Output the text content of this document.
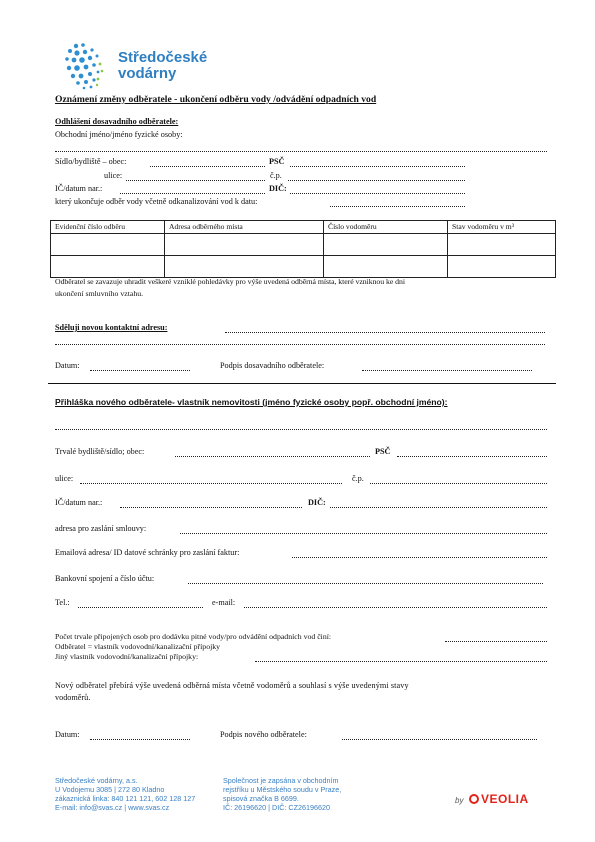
Středočeské
vodárny
Oznámení změny odběratele - ukončení odběru vody /odvádění odpadních vod
Odhlášení dosavadního odběratele:
Obchodní jméno/jméno fyzické osoby:
Sídlo/bydliště – obec:	PSČ
ulice:	č.p.
IČ/datum nar.:	DIČ:
který ukončuje odběr vody včetně odkanalizování vod k datu:
Evidenční číslo odběru	Adresa odběrného místa	Číslo vodoměru	Stav vodoměru v m³

Odběratel se zavazuje uhradit veškeré vzniklé pohledávky pro výše uvedená odběrná místa, které vzniknou ke dni
ukončení smluvního vztahu.
Sděluji novou kontaktní adresu:
Datum:	Podpis dosavadního odběratele:
Přihláška nového odběratele- vlastník nemovitosti (jméno fyzické osoby popř. obchodní jméno):
Trvalé bydliště/sídlo; obec:	PSČ
ulice:	č.p.
IČ/datum nar.:	DIČ:
adresa pro zaslání smlouvy:
Emailová adresa/ ID datové schránky pro zaslání faktur:
Bankovní spojení a číslo účtu:
Tel.:	e-mail:
Počet trvale připojených osob pro dodávku pitné vody/pro odvádění odpadních vod činí:
Odběratel = vlastník vodovodní/kanalizační přípojky
Jiný vlastník vodovodní/kanalizační přípojky:
Nový odběratel přebírá výše uvedená odběrná místa včetně vodoměrů a souhlasí s výše uvedenými stavy
vodoměrů.
Datum:	Podpis nového odběratele:
Středočeské vodárny, a.s.
U Vodojemu 3085 | 272 80 Kladno
zákaznická linka: 840 121 121, 602 128 127
E-mail: info@svas.cz | www.svas.cz
Společnost je zapsána v obchodním
rejstříku u Městského soudu v Praze,
spisová značka B 6699.
IČ: 26196620 | DIČ: CZ26196620
by	VEOLIA
